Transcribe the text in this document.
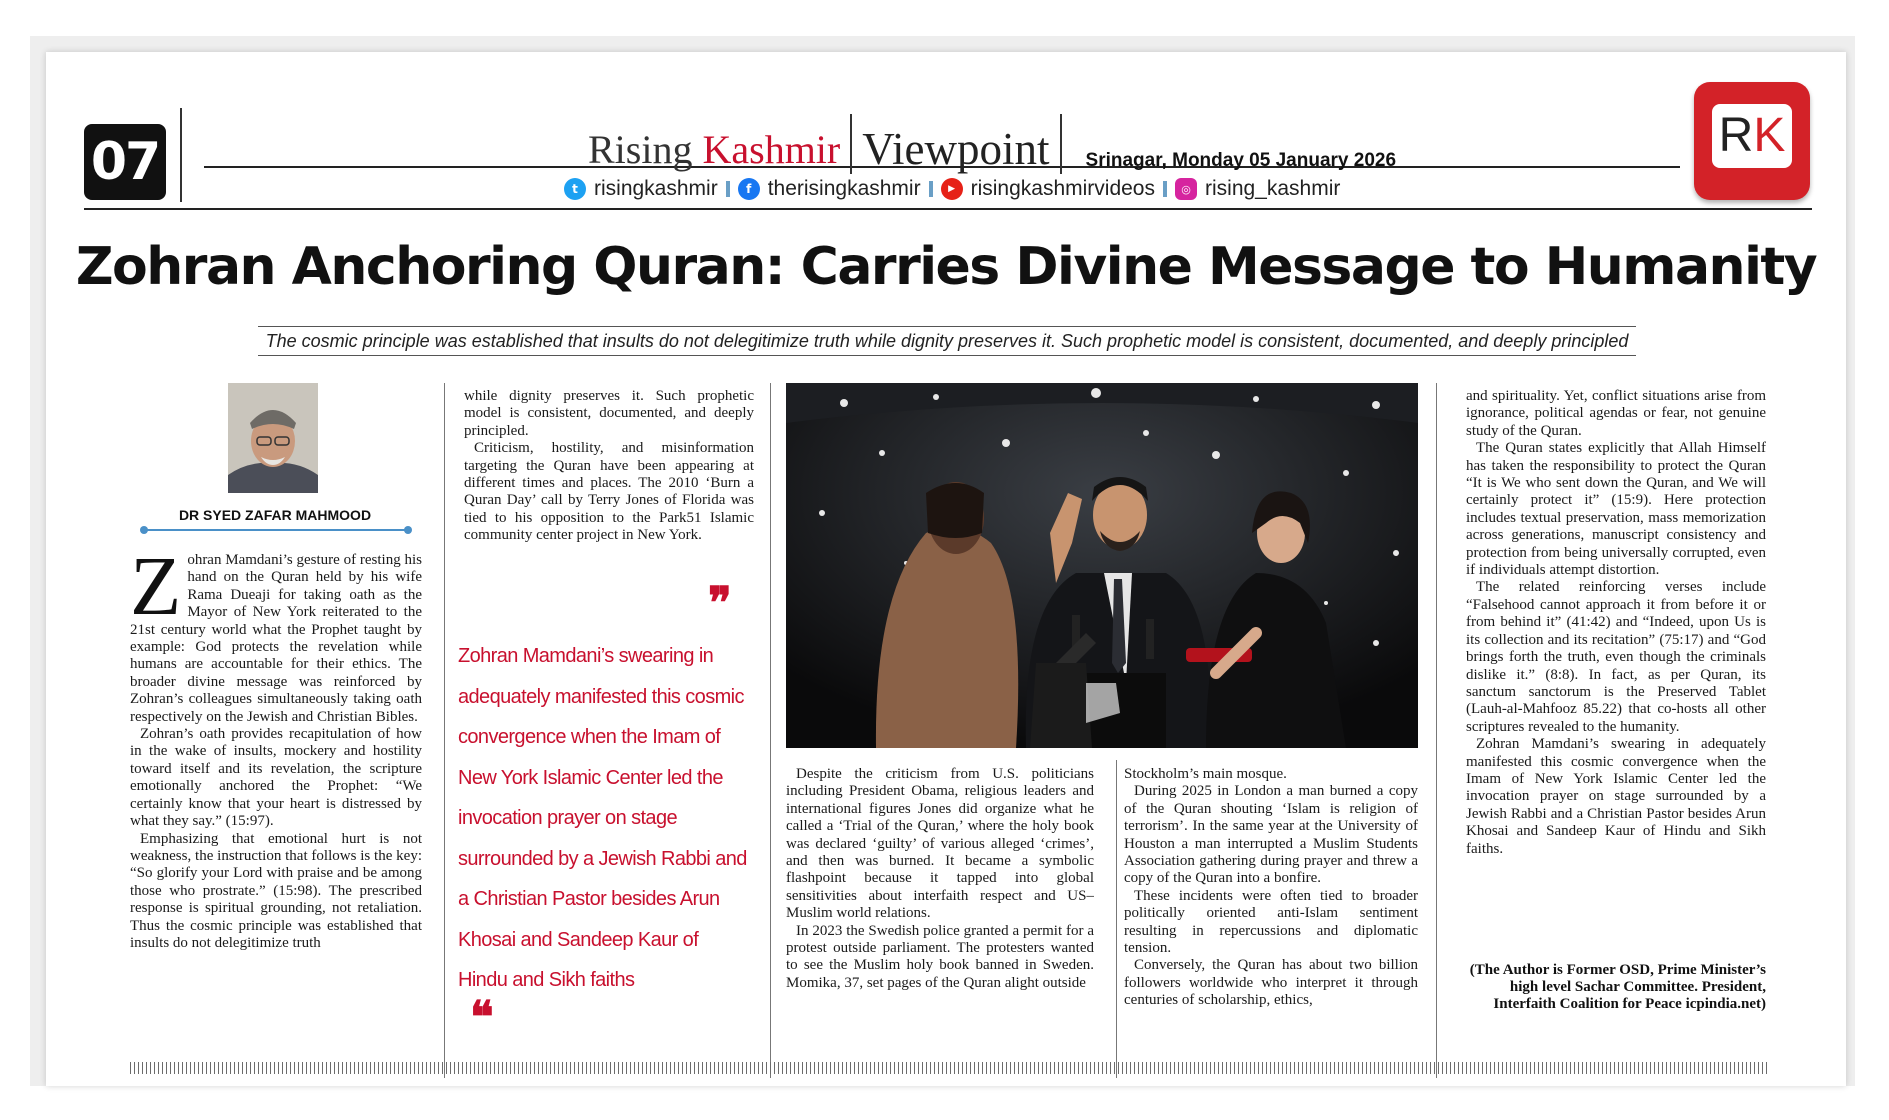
07	Rising Kashmir Viewpoint Srinagar, Monday 05 January 2026
t risingkashmir	f therisingkashmir	▶ risingkashmirvideos	◎ rising_kashmir
RK
Zohran Anchoring Quran: Carries Divine Message to Humanity
The cosmic principle was established that insults do not delegitimize truth while dignity preserves it. Such prophetic model is consistent, documented, and deeply principled
DR SYED ZAFAR MAHMOOD

Zohran Mamdani’s gesture of resting his hand on the Quran held by his wife Rama Dueaji for taking oath as the Mayor of New York reiterated to the 21st century world what the Prophet taught by example: God protects the revelation while humans are accountable for their ethics. The broader divine message was reinforced by Zohran’s colleagues simultaneously taking oath respectively on the Jewish and Christian Bibles.

Zohran’s oath provides recapitulation of how in the wake of insults, mockery and hostility toward itself and its revelation, the scripture emotionally anchored the Prophet: “We certainly know that your heart is distressed by what they say.” (15:97).

Emphasizing that emotional hurt is not weakness, the instruction that follows is the key: “So glorify your Lord with praise and be among those who prostrate.” (15:98). The prescribed response is spiritual grounding, not retaliation. Thus the cosmic principle was established that insults do not delegitimize truth

while dignity preserves it. Such prophetic model is consistent, documented, and deeply principled.

Criticism, hostility, and misinformation targeting the Quran have been appearing at different times and places. The 2010 ‘Burn a Quran Day’ call by Terry Jones of Florida was tied to his opposition to the Park51 Islamic community center project in New York.

❞
Zohran Mamdani’s swearing in adequately manifested this cosmic convergence when the Imam of New York Islamic Center led the invocation prayer on stage surrounded by a Jewish Rabbi and a Christian Pastor besides Arun Khosai and Sandeep Kaur of Hindu and Sikh faiths
❝

Despite the criticism from U.S. politicians including President Obama, religious leaders and international figures Jones did organize what he called a ‘Trial of the Quran,’ where the holy book was declared ‘guilty’ of various alleged ‘crimes’, and then was burned. It became a symbolic flashpoint because it tapped into global sensitivities about interfaith respect and US–Muslim world relations.

In 2023 the Swedish police granted a permit for a protest outside parliament. The protesters wanted to see the Muslim holy book banned in Sweden. Momika, 37, set pages of the Quran alight outside

Stockholm’s main mosque.

During 2025 in London a man burned a copy of the Quran shouting ‘Islam is religion of terrorism’. In the same year at the University of Houston a man interrupted a Muslim Students Association gathering during prayer and threw a copy of the Quran into a bonfire.

These incidents were often tied to broader politically oriented anti-Islam sentiment resulting in repercussions and diplomatic tension.

Conversely, the Quran has about two billion followers worldwide who interpret it through centuries of scholarship, ethics,

and spirituality. Yet, conflict situations arise from ignorance, political agendas or fear, not genuine study of the Quran.

The Quran states explicitly that Allah Himself has taken the responsibility to protect the Quran “It is We who sent down the Quran, and We will certainly protect it” (15:9). Here protection includes textual preservation, mass memorization across generations, manuscript consistency and protection from being universally corrupted, even if individuals attempt distortion.

The related reinforcing verses include “Falsehood cannot approach it from before it or from behind it” (41:42) and “Indeed, upon Us is its collection and its recitation” (75:17) and “God brings forth the truth, even though the criminals dislike it.” (8:8). In fact, as per Quran, its sanctum sanctorum is the Preserved Tablet (Lauh-al-Mahfooz 85.22) that co-hosts all other scriptures revealed to the humanity.

Zohran Mamdani’s swearing in adequately manifested this cosmic convergence when the Imam of New York Islamic Center led the invocation prayer on stage surrounded by a Jewish Rabbi and a Christian Pastor besides Arun Khosai and Sandeep Kaur of Hindu and Sikh faiths.

(The Author is Former OSD, Prime Minister’s high level Sachar Committee. President, Interfaith Coalition for Peace icpindia.net)
